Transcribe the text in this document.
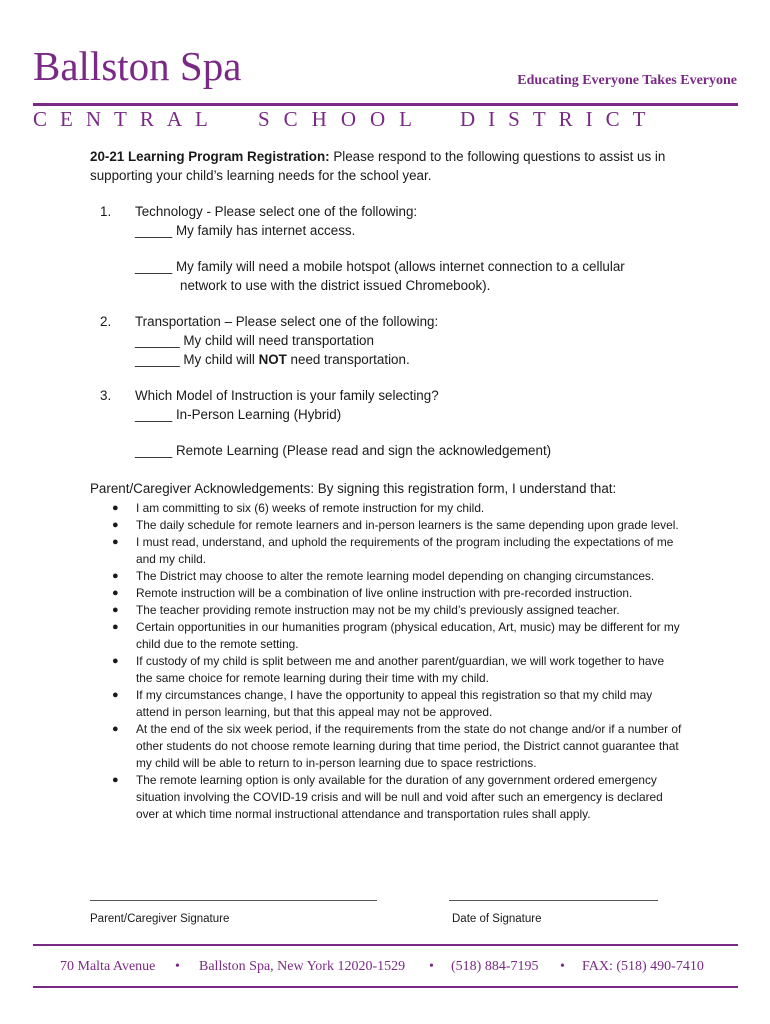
Ballston Spa	Educating Everyone Takes Everyone
CENTRAL SCHOOL DISTRICT

20-21 Learning Program Registration: Please respond to the following questions to assist us in supporting your child’s learning needs for the school year.

1. Technology - Please select one of the following:
_____ My family has internet access.
_____ My family will need a mobile hotspot (allows internet connection to a cellular
network to use with the district issued Chromebook).
2. Transportation – Please select one of the following:
______ My child will need transportation
______ My child will NOT need transportation.
3. Which Model of Instruction is your family selecting?
_____ In-Person Learning (Hybrid)
_____ Remote Learning (Please read and sign the acknowledgement)

Parent/Caregiver Acknowledgements: By signing this registration form, I understand that:

● I am committing to six (6) weeks of remote instruction for my child.
● The daily schedule for remote learners and in-person learners is the same depending upon grade level.
● I must read, understand, and uphold the requirements of the program including the expectations of me and my child.
● The District may choose to alter the remote learning model depending on changing circumstances.
● Remote instruction will be a combination of live online instruction with pre-recorded instruction.
● The teacher providing remote instruction may not be my child’s previously assigned teacher.
● Certain opportunities in our humanities program (physical education, Art, music) may be different for my child due to the remote setting.
● If custody of my child is split between me and another parent/guardian, we will work together to have the same choice for remote learning during their time with my child.
● If my circumstances change, I have the opportunity to appeal this registration so that my child may attend in person learning, but that this appeal may not be approved.
● At the end of the six week period, if the requirements from the state do not change and/or if a number of other students do not choose remote learning during that time period, the District cannot guarantee that my child will be able to return to in-person learning due to space restrictions.
● The remote learning option is only available for the duration of any government ordered emergency situation involving the COVID-19 crisis and will be null and void after such an emergency is declared over at which time normal instructional attendance and transportation rules shall apply.
Parent/Caregiver Signature	Date of Signature
70 Malta Avenue • Ballston Spa, New York 12020-1529 • (518) 884-7195 • FAX: (518) 490-7410
